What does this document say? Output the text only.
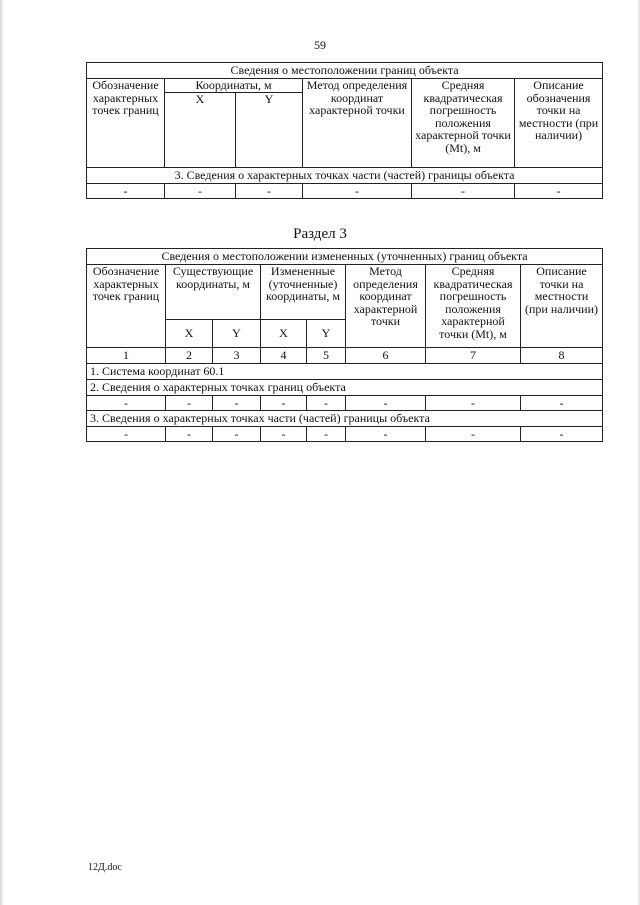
59
Сведения о местоположении границ объекта					
Обозначение характерных точек границ	Координаты, м		Метод определения координат характерной точки	Средняя квадратическая погрешность положения характерной точки (Mt), м	Описание обозначения точки на местности (при наличии)
	X	Y			
3. Сведения о характерных точках части (частей) границы объекта					
-	-	-	-	-	-
Раздел 3
Сведения о местоположении измененных (уточненных) границ объекта							
Обозначение характерных точек границ	Существующие координаты, м		Измененные (уточненные) координаты, м		Метод определения координат характерной точки	Средняя квадратическая погрешность положения характерной точки (Mt), м	Описание точки на местности (при наличии)
	X	Y	X	Y			
1	2	3	4	5	6	7	8
1. Система координат 60.1							
2. Сведения о характерных точках границ объекта							
-	-	-	-	-	-	-	-
3. Сведения о характерных точках части (частей) границы объекта							
-	-	-	-	-	-	-	-
12Д.doc
